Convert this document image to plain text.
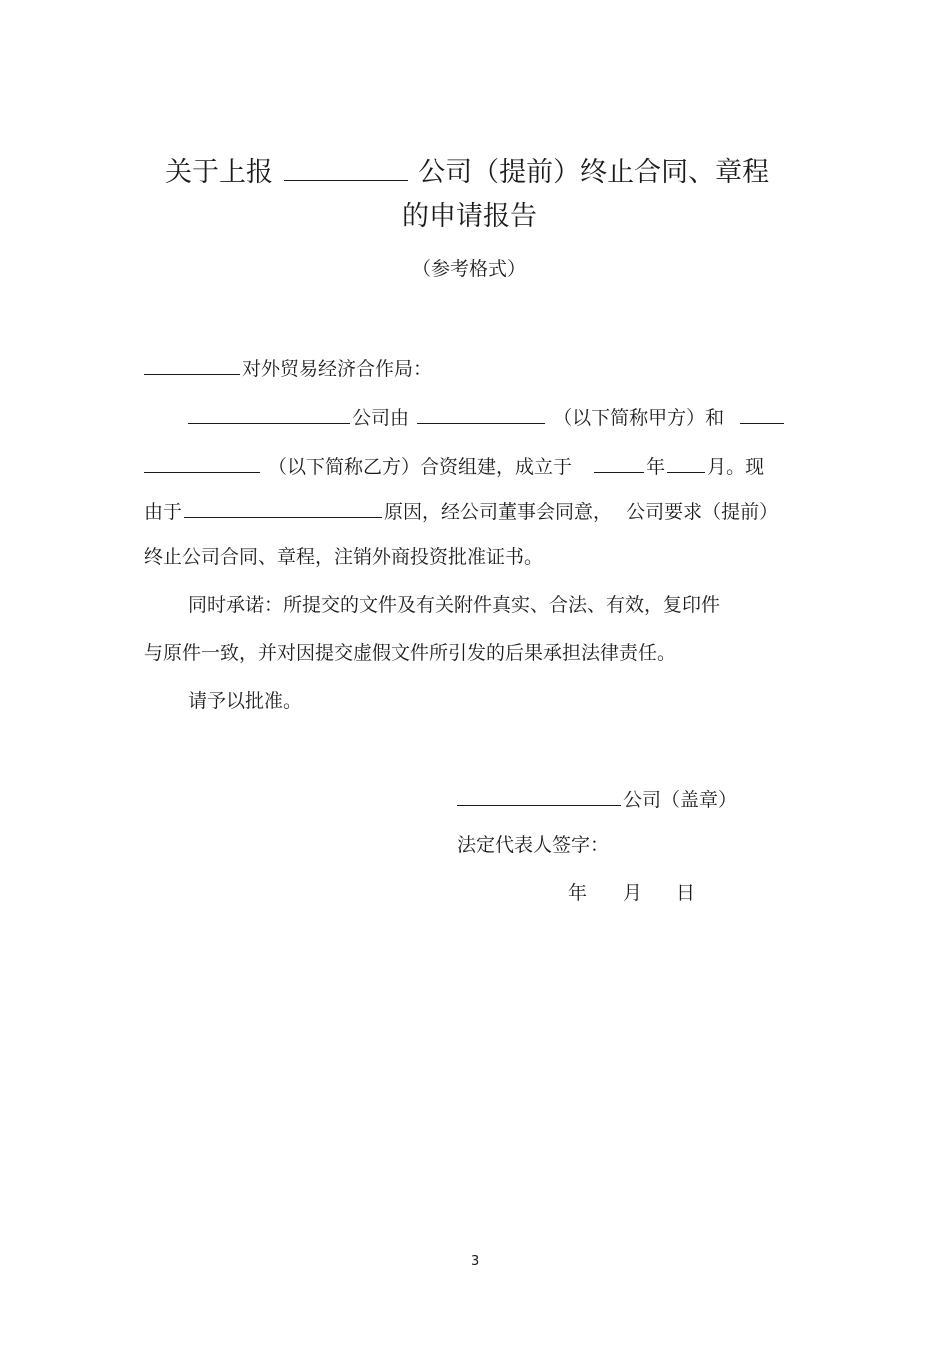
关于上报	公司（提前）终止合同、章程
的申请报告
（参考格式）
对外贸易经济合作局：
公司由	（以下简称甲方）和
（以下简称乙方）合资组建，成立于	年 月。现
由于	原因，经公司董事会同意， 公司要求（提前）
终止公司合同、章程，注销外商投资批准证书。
同时承诺：所提交的文件及有关附件真实、合法、有效，复印件
与原件一致，并对因提交虚假文件所引发的后果承担法律责任。
请予以批准。
公司（盖章）
法定代表人签字：
年 月 日
3
